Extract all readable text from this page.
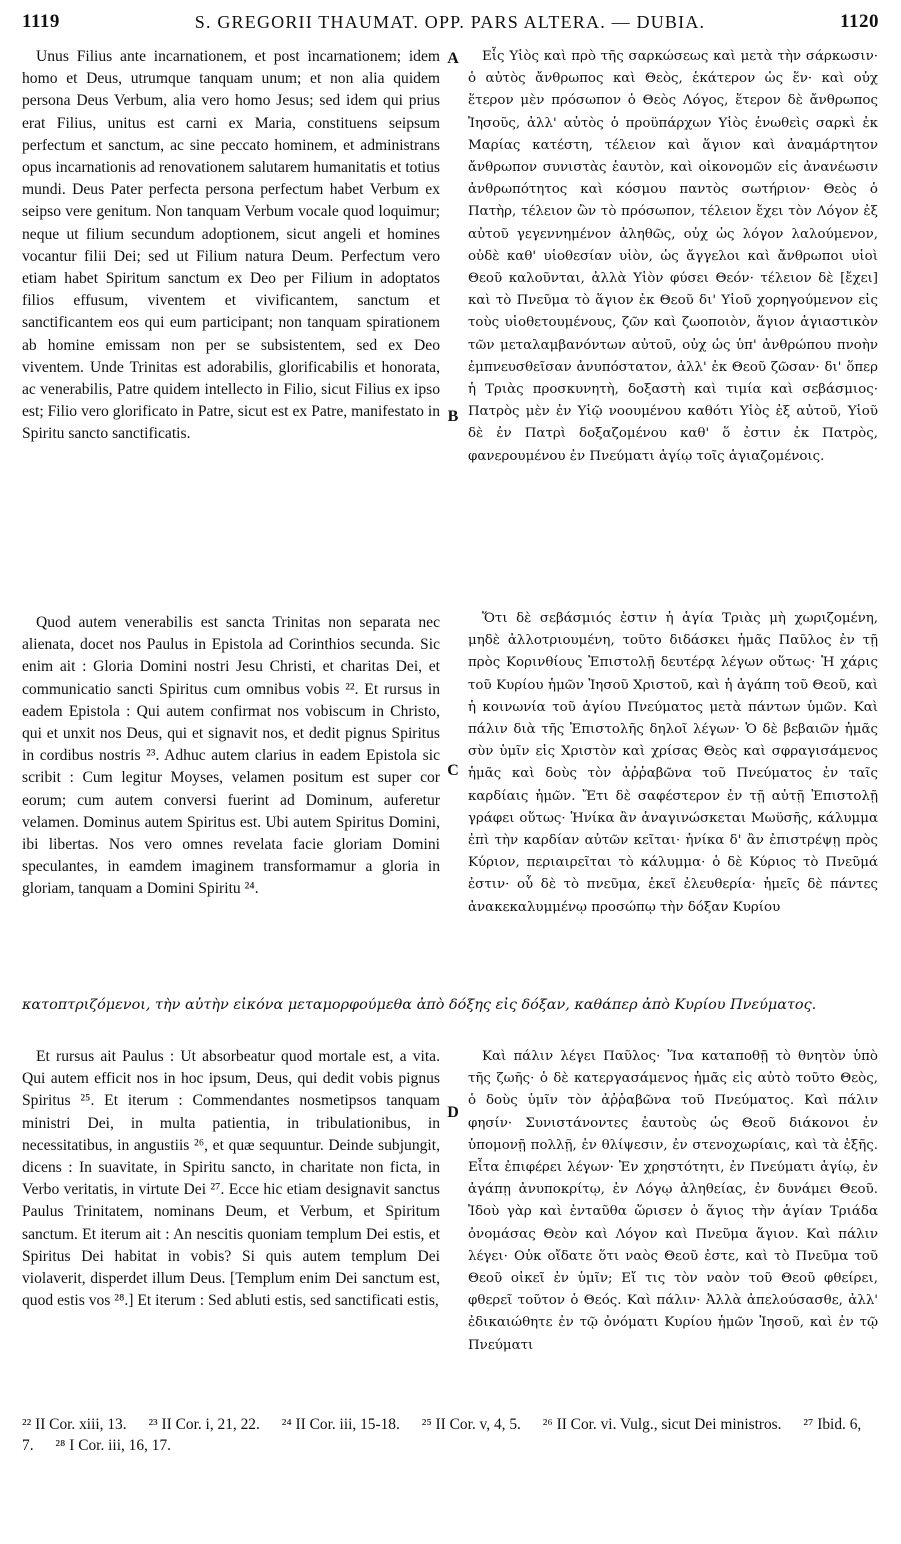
1119	S. GREGORII THAUMAT. OPP. PARS ALTERA. — DUBIA.	1120

Unus Filius ante incarnationem, et post incarnationem; idem homo et Deus, utrumque tanquam unum; et non alia quidem persona Deus Verbum, alia vero homo Jesus; sed idem qui prius erat Filius, unitus est carni ex Maria, constituens seipsum perfectum et sanctum, ac sine peccato hominem, et administrans opus incarnationis ad renovationem salutarem humanitatis et totius mundi. Deus Pater perfecta persona perfectum habet Verbum ex seipso vere genitum. Non tanquam Verbum vocale quod loquimur; neque ut filium secundum adoptionem, sicut angeli et homines vocantur filii Dei; sed ut Filium natura Deum. Perfectum vero etiam habet Spiritum sanctum ex Deo per Filium in adoptatos filios effusum, viventem et vivificantem, sanctum et sanctificantem eos qui eum participant; non tanquam spirationem ab homine emissam non per se subsistentem, sed ex Deo viventem. Unde Trinitas est adorabilis, glorificabilis et honorata, ac venerabilis, Patre quidem intellecto in Filio, sicut Filius ex ipso est; Filio vero glorificato in Patre, sicut est ex Patre, manifestato in Spiritu sancto sanctificatis.

Εἷς Υἱὸς καὶ πρὸ τῆς σαρκώσεως καὶ μετὰ τὴν σάρκωσιν· ὁ αὐτὸς ἄνθρωπος καὶ Θεὸς, ἑκάτερον ὡς ἕν· καὶ οὐχ ἕτερον μὲν πρόσωπον ὁ Θεὸς Λόγος, ἕτερον δὲ ἄνθρωπος Ἰησοῦς, ἀλλ' αὐτὸς ὁ προϋπάρχων Υἱὸς ἑνωθεὶς σαρκὶ ἐκ Μαρίας κατέστη, τέλειον καὶ ἅγιον καὶ ἀναμάρτητον ἄνθρωπον συνιστὰς ἑαυτὸν, καὶ οἰκονομῶν εἰς ἀνανέωσιν ἀνθρωπότητος καὶ κόσμου παντὸς σωτήριον· Θεὸς ὁ Πατὴρ, τέλειον ὢν τὸ πρόσωπον, τέλειον ἔχει τὸν Λόγον ἐξ αὐτοῦ γεγεννημένον ἀληθῶς, οὐχ ὡς λόγον λαλούμενον, οὐδὲ καθ' υἱοθεσίαν υἱὸν, ὡς ἄγγελοι καὶ ἄνθρωποι υἱοὶ Θεοῦ καλοῦνται, ἀλλὰ Υἱὸν φύσει Θεόν· τέλειον δὲ [ἔχει] καὶ τὸ Πνεῦμα τὸ ἅγιον ἐκ Θεοῦ δι' Υἱοῦ χορηγούμενον εἰς τοὺς υἱοθετουμένους, ζῶν καὶ ζωοποιὸν, ἅγιον ἁγιαστικὸν τῶν μεταλαμβανόντων αὐτοῦ, οὐχ ὡς ὑπ' ἀνθρώπου πνοὴν ἐμπνευσθεῖσαν ἀνυπόστατον, ἀλλ' ἐκ Θεοῦ ζῶσαν· δι' ὅπερ ἡ Τριὰς προσκυνητὴ, δοξαστὴ καὶ τιμία καὶ σεβάσμιος· Πατρὸς μὲν ἐν Υἱῷ νοουμένου καθότι Υἱὸς ἐξ αὐτοῦ, Υἱοῦ δὲ ἐν Πατρὶ δοξαζομένου καθ' ὅ ἐστιν ἐκ Πατρὸς, φανερουμένου ἐν Πνεύματι ἁγίῳ τοῖς ἁγιαζομένοις.

Quod autem venerabilis est sancta Trinitas non separata nec alienata, docet nos Paulus in Epistola ad Corinthios secunda. Sic enim ait : Gloria Domini nostri Jesu Christi, et charitas Dei, et communicatio sancti Spiritus cum omnibus vobis ²². Et rursus in eadem Epistola : Qui autem confirmat nos vobiscum in Christo, qui et unxit nos Deus, qui et signavit nos, et dedit pignus Spiritus in cordibus nostris ²³. Adhuc autem clarius in eadem Epistola sic scribit : Cum legitur Moyses, velamen positum est super cor eorum; cum autem conversi fuerint ad Dominum, auferetur velamen. Dominus autem Spiritus est. Ubi autem Spiritus Domini, ibi libertas. Nos vero omnes revelata facie gloriam Domini speculantes, in eamdem imaginem transformamur a gloria in gloriam, tanquam a Domini Spiritu ²⁴.

Ὅτι δὲ σεβάσμιός ἐστιν ἡ ἁγία Τριὰς μὴ χωριζομένη, μηδὲ ἀλλοτριουμένη, τοῦτο διδάσκει ἡμᾶς Παῦλος ἐν τῇ πρὸς Κορινθίους Ἐπιστολῇ δευτέρᾳ λέγων οὕτως· Ἡ χάρις τοῦ Κυρίου ἡμῶν Ἰησοῦ Χριστοῦ, καὶ ἡ ἀγάπη τοῦ Θεοῦ, καὶ ἡ κοινωνία τοῦ ἁγίου Πνεύματος μετὰ πάντων ὑμῶν. Καὶ πάλιν διὰ τῆς Ἐπιστολῆς δηλοῖ λέγων· Ὁ δὲ βεβαιῶν ἡμᾶς σὺν ὑμῖν εἰς Χριστὸν καὶ χρίσας Θεὸς καὶ σφραγισάμενος ἡμᾶς καὶ δοὺς τὸν ἀῤῥαβῶνα τοῦ Πνεύματος ἐν ταῖς καρδίαις ἡμῶν. Ἔτι δὲ σαφέστερον ἐν τῇ αὐτῇ Ἐπιστολῇ γράφει οὕτως· Ἡνίκα ἂν ἀναγινώσκεται Μωϋσῆς, κάλυμμα ἐπὶ τὴν καρδίαν αὐτῶν κεῖται· ἡνίκα δ' ἂν ἐπιστρέψῃ πρὸς Κύριον, περιαιρεῖται τὸ κάλυμμα· ὁ δὲ Κύριος τὸ Πνεῦμά ἐστιν· οὗ δὲ τὸ πνεῦμα, ἐκεῖ ἐλευθερία· ἡμεῖς δὲ πάντες ἀνακεκαλυμμένῳ προσώπῳ τὴν δόξαν Κυρίου

κατοπτριζόμενοι, τὴν αὐτὴν εἰκόνα μεταμορφούμεθα ἀπὸ δόξης εἰς δόξαν, καθάπερ ἀπὸ Κυρίου Πνεύματος.

Et rursus ait Paulus : Ut absorbeatur quod mortale est, a vita. Qui autem efficit nos in hoc ipsum, Deus, qui dedit vobis pignus Spiritus ²⁵. Et iterum : Commendantes nosmetipsos tanquam ministri Dei, in multa patientia, in tribulationibus, in necessitatibus, in angustiis ²⁶, et quæ sequuntur. Deinde subjungit, dicens : In suavitate, in Spiritu sancto, in charitate non ficta, in Verbo veritatis, in virtute Dei ²⁷. Ecce hic etiam designavit sanctus Paulus Trinitatem, nominans Deum, et Verbum, et Spiritum sanctum. Et iterum ait : An nescitis quoniam templum Dei estis, et Spiritus Dei habitat in vobis? Si quis autem templum Dei violaverit, disperdet illum Deus. [Templum enim Dei sanctum est, quod estis vos ²⁸.] Et iterum : Sed abluti estis, sed sanctificati estis,

Καὶ πάλιν λέγει Παῦλος· Ἵνα καταποθῇ τὸ θνητὸν ὑπὸ τῆς ζωῆς· ὁ δὲ κατεργασάμενος ἡμᾶς εἰς αὐτὸ τοῦτο Θεὸς, ὁ δοὺς ὑμῖν τὸν ἀῤῥαβῶνα τοῦ Πνεύματος. Καὶ πάλιν φησίν· Συνιστάνοντες ἑαυτοὺς ὡς Θεοῦ διάκονοι ἐν ὑπομονῇ πολλῇ, ἐν θλίψεσιν, ἐν στενοχωρίαις, καὶ τὰ ἑξῆς. Εἶτα ἐπιφέρει λέγων· Ἐν χρηστότητι, ἐν Πνεύματι ἁγίῳ, ἐν ἀγάπῃ ἀνυποκρίτῳ, ἐν Λόγῳ ἀληθείας, ἐν δυνάμει Θεοῦ. Ἰδοὺ γὰρ καὶ ἐνταῦθα ὥρισεν ὁ ἅγιος τὴν ἁγίαν Τριάδα ὀνομάσας Θεὸν καὶ Λόγον καὶ Πνεῦμα ἅγιον. Καὶ πάλιν λέγει· Οὐκ οἴδατε ὅτι ναὸς Θεοῦ ἐστε, καὶ τὸ Πνεῦμα τοῦ Θεοῦ οἰκεῖ ἐν ὑμῖν; Εἴ τις τὸν ναὸν τοῦ Θεοῦ φθείρει, φθερεῖ τοῦτον ὁ Θεός. Καὶ πάλιν· Ἀλλὰ ἀπελούσασθε, ἀλλ' ἐδικαιώθητε ἐν τῷ ὀνόματι Κυρίου ἡμῶν Ἰησοῦ, καὶ ἐν τῷ Πνεύματι

A
B
C
D
²² II Cor. xiii, 13. ²³ II Cor. i, 21, 22. ²⁴ II Cor. iii, 15-18. ²⁵ II Cor. v, 4, 5. ²⁶ II Cor. vi. Vulg., sicut Dei ministros. ²⁷ Ibid. 6, 7. ²⁸ I Cor. iii, 16, 17.
